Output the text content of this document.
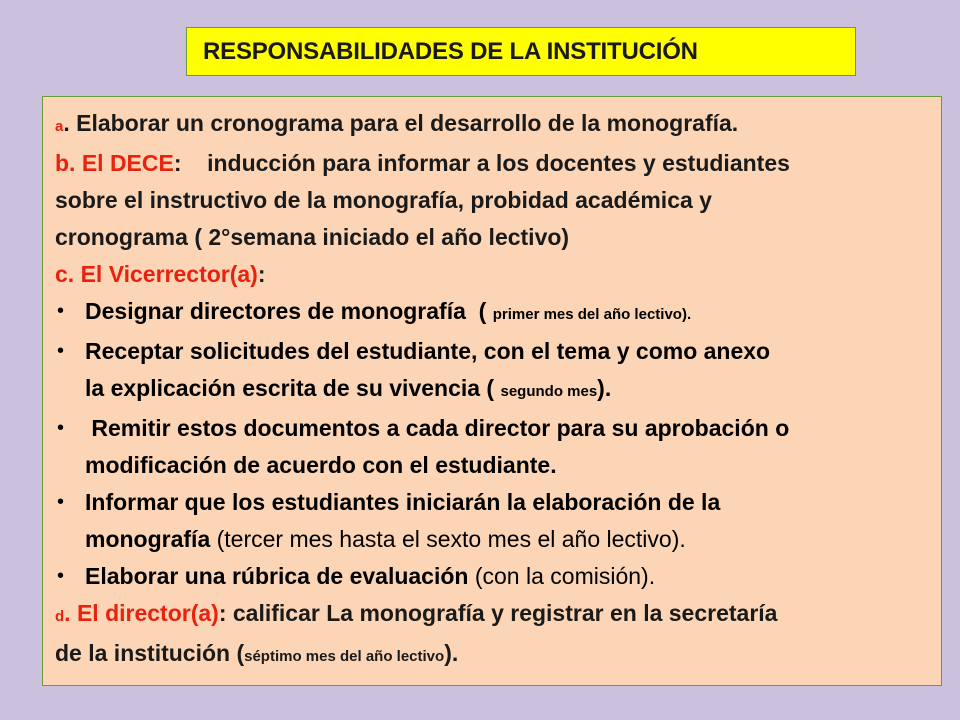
RESPONSABILIDADES DE LA INSTITUCIÓN
a. Elaborar un cronograma para el desarrollo de la monografía.
b. El DECE:    inducción para informar a los docentes y estudiantes
sobre el instructivo de la monografía, probidad académica y
cronograma ( 2°semana iniciado el año lectivo)
c. El Vicerrector(a):
• Designar directores de monografía  ( primer mes del año lectivo).
• Receptar solicitudes del estudiante, con el tema y como anexo
la explicación escrita de su vivencia ( segundo mes).
• Remitir estos documentos a cada director para su aprobación o
modificación de acuerdo con el estudiante.
• Informar que los estudiantes iniciarán la elaboración de la
monografía (tercer mes hasta el sexto mes el año lectivo).
• Elaborar una rúbrica de evaluación (con la comisión).
d. El director(a): calificar La monografía y registrar en la secretaría
de la institución (séptimo mes del año lectivo).
